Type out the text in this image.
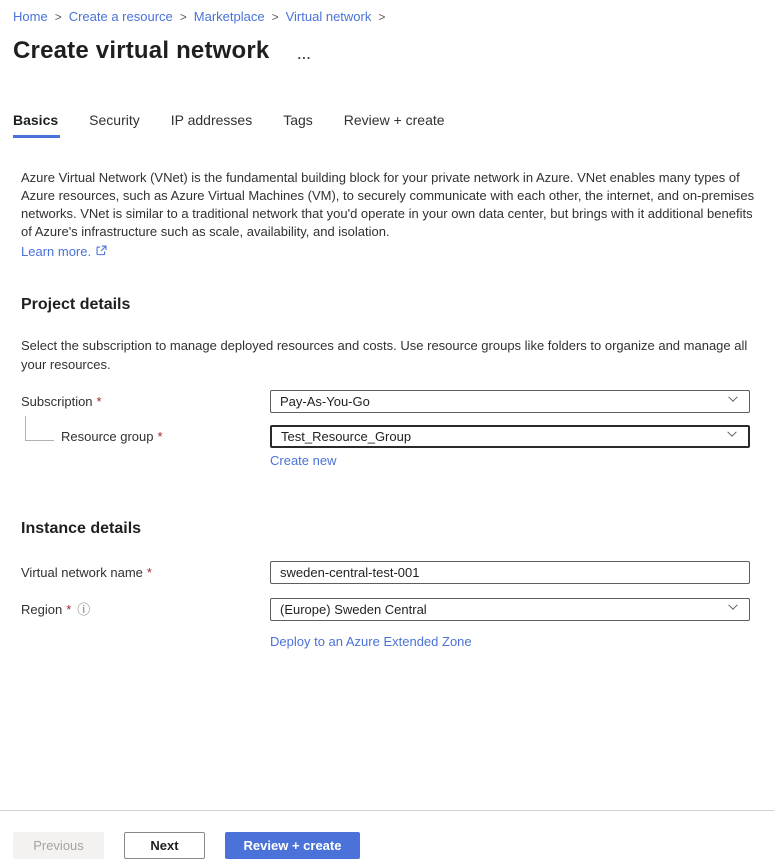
Home > Create a resource > Marketplace > Virtual network >
Create virtual network ...
Basics Security IP addresses Tags Review + create

Azure Virtual Network (VNet) is the fundamental building block for your private network in Azure. VNet enables many types of Azure resources, such as Azure Virtual Machines (VM), to securely communicate with each other, the internet, and on-premises networks. VNet is similar to a traditional network that you'd operate in your own data center, but brings with it additional benefits of Azure's infrastructure such as scale, availability, and isolation.

Learn more.
Project details

Select the subscription to manage deployed resources and costs. Use resource groups like folders to organize and manage all your resources.

Subscription *	Pay-As-You-Go
Resource group *	Test_Resource_Group
Create new
Instance details
Virtual network name *
sweden-central-test-001
Region * ⓘ	(Europe) Sweden Central
Deploy to an Azure Extended Zone
Previous	Next	Review + create
